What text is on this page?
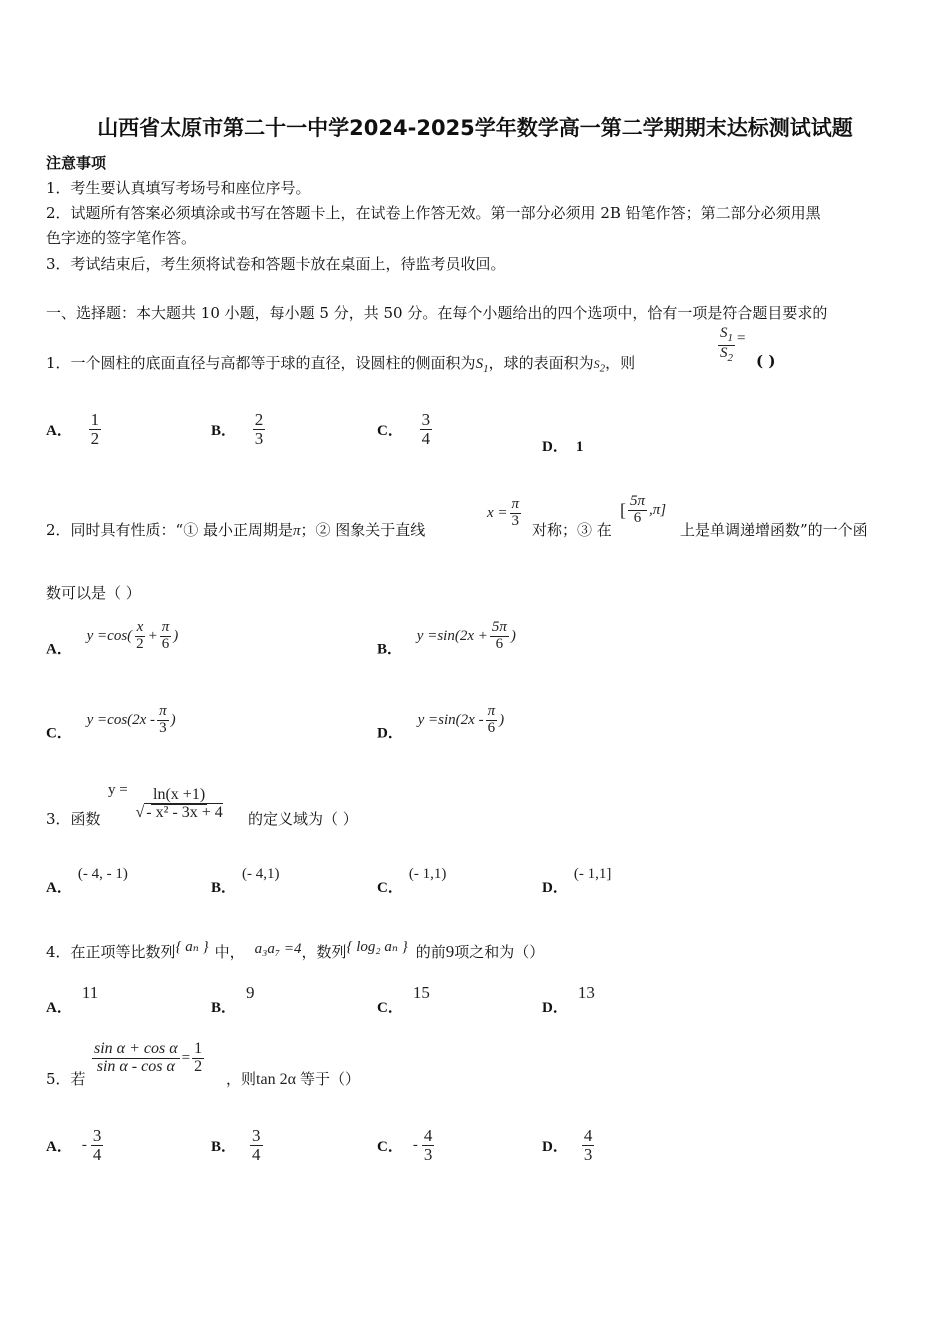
山西省太原市第二十一中学2024-2025学年数学高一第二学期期末达标测试试题
注意事项
1．考生要认真填写考场号和座位序号。
2．试题所有答案必须填涂或书写在答题卡上，在试卷上作答无效。第一部分必须用 2B 铅笔作答；第二部分必须用黑
色字迹的签字笔作答。
3．考试结束后，考生须将试卷和答题卡放在桌面上，待监考员收回。
一、选择题：本大题共 10 小题，每小题 5 分，共 50 分。在每个小题给出的四个选项中，恰有一项是符合题目要求的
1．一个圆柱的底面直径与高都等于球的直径，设圆柱的侧面积为$S_1$，球的表面积为$S_2$，则	$\frac{S_1}{S_2}$ =
( )
A． $\frac{1}{2}$	B． $\frac{2}{3}$	C． $\frac{3}{4}$	D． 1
2．同时具有性质：“① 最小正周期是π；② 图象关于直线
$x = \frac{\pi}{3}$
对称；③ 在
[ $\frac{5\pi}{6} ,\pi$]
上是单调递增函数”的一个函
数可以是（ ）
A． $y =\cos( \frac{x}{2} + \frac{\pi}{6}$ )
B． $y =\sin(2x + \frac{5\pi}{6}$ )
C． $y =\cos(2x - \frac{\pi}{3}$ )
D． $y =\sin(2x - \frac{\pi}{6}$ )
3．函数
$y = \frac{\ln(x +1)}{\text{√ - x² - 3x + 4}}$ 的定义域为（ ）
A．(- 4, - 1)
B．(- 4,1)
C．(- 1,1)
D．(- 1,1]
4．在正项等比数列{ aₙ } 中， a₃a₇ =4，数列{ log₂ aₙ } 的前9项之和为（）
A．11
B．9
C．15
D．13
5．若
$\frac{\text{sin α + cos α}}{\text{sin α - cos α}} = \frac{1}{2}$
，则tan 2α 等于（）
A． - $\frac{3}{4}$	B． $\frac{3}{4}$	C． - $\frac{4}{3}$	D． $\frac{4}{3}$
